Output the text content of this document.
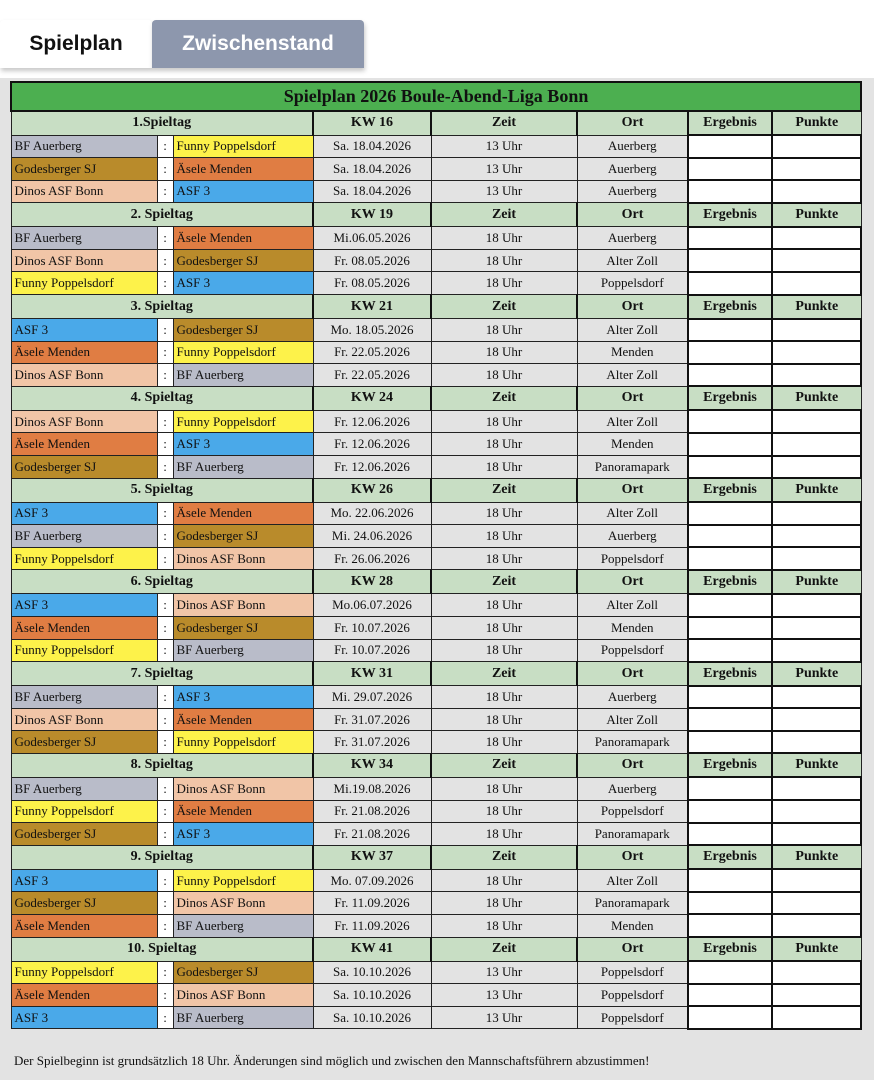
Spielplan	Zwischenstand
Spielplan 2026 Boule-Abend-Liga Bonn							
1.Spieltag			KW 16	Zeit	Ort	Ergebnis	Punkte
BF Auerberg	:	Funny Poppelsdorf	Sa. 18.04.2026	13 Uhr	Auerberg		
Godesberger SJ	:	Äsele Menden	Sa. 18.04.2026	13 Uhr	Auerberg		
Dinos ASF Bonn	:	ASF 3	Sa. 18.04.2026	13 Uhr	Auerberg		
2. Spieltag			KW 19	Zeit	Ort	Ergebnis	Punkte
BF Auerberg	:	Äsele Menden	Mi.06.05.2026	18 Uhr	Auerberg		
Dinos ASF Bonn	:	Godesberger SJ	Fr. 08.05.2026	18 Uhr	Alter Zoll		
Funny Poppelsdorf	:	ASF 3	Fr. 08.05.2026	18 Uhr	Poppelsdorf		
3. Spieltag			KW 21	Zeit	Ort	Ergebnis	Punkte
ASF 3	:	Godesberger SJ	Mo. 18.05.2026	18 Uhr	Alter Zoll		
Äsele Menden	:	Funny Poppelsdorf	Fr. 22.05.2026	18 Uhr	Menden		
Dinos ASF Bonn	:	BF Auerberg	Fr. 22.05.2026	18 Uhr	Alter Zoll		
4. Spieltag			KW 24	Zeit	Ort	Ergebnis	Punkte
Dinos ASF Bonn	:	Funny Poppelsdorf	Fr. 12.06.2026	18 Uhr	Alter Zoll		
Äsele Menden	:	ASF 3	Fr. 12.06.2026	18 Uhr	Menden		
Godesberger SJ	:	BF Auerberg	Fr. 12.06.2026	18 Uhr	Panoramapark		
5. Spieltag			KW 26	Zeit	Ort	Ergebnis	Punkte
ASF 3	:	Äsele Menden	Mo. 22.06.2026	18 Uhr	Alter Zoll		
BF Auerberg	:	Godesberger SJ	Mi. 24.06.2026	18 Uhr	Auerberg		
Funny Poppelsdorf	:	Dinos ASF Bonn	Fr. 26.06.2026	18 Uhr	Poppelsdorf		
6. Spieltag			KW 28	Zeit	Ort	Ergebnis	Punkte
ASF 3	:	Dinos ASF Bonn	Mo.06.07.2026	18 Uhr	Alter Zoll		
Äsele Menden	:	Godesberger SJ	Fr. 10.07.2026	18 Uhr	Menden		
Funny Poppelsdorf	:	BF Auerberg	Fr. 10.07.2026	18 Uhr	Poppelsdorf		
7. Spieltag			KW 31	Zeit	Ort	Ergebnis	Punkte
BF Auerberg	:	ASF 3	Mi. 29.07.2026	18 Uhr	Auerberg		
Dinos ASF Bonn	:	Äsele Menden	Fr. 31.07.2026	18 Uhr	Alter Zoll		
Godesberger SJ	:	Funny Poppelsdorf	Fr. 31.07.2026	18 Uhr	Panoramapark		
8. Spieltag			KW 34	Zeit	Ort	Ergebnis	Punkte
BF Auerberg	:	Dinos ASF Bonn	Mi.19.08.2026	18 Uhr	Auerberg		
Funny Poppelsdorf	:	Äsele Menden	Fr. 21.08.2026	18 Uhr	Poppelsdorf		
Godesberger SJ	:	ASF 3	Fr. 21.08.2026	18 Uhr	Panoramapark		
9. Spieltag			KW 37	Zeit	Ort	Ergebnis	Punkte
ASF 3	:	Funny Poppelsdorf	Mo. 07.09.2026	18 Uhr	Alter Zoll		
Godesberger SJ	:	Dinos ASF Bonn	Fr. 11.09.2026	18 Uhr	Panoramapark		
Äsele Menden	:	BF Auerberg	Fr. 11.09.2026	18 Uhr	Menden		
10. Spieltag			KW 41	Zeit	Ort	Ergebnis	Punkte
Funny Poppelsdorf	:	Godesberger SJ	Sa. 10.10.2026	13 Uhr	Poppelsdorf		
Äsele Menden	:	Dinos ASF Bonn	Sa. 10.10.2026	13 Uhr	Poppelsdorf		
ASF 3	:	BF Auerberg	Sa. 10.10.2026	13 Uhr	Poppelsdorf		
Der Spielbeginn ist grundsätzlich 18 Uhr. Änderungen sind möglich und zwischen den Mannschaftsführern abzustimmen!
